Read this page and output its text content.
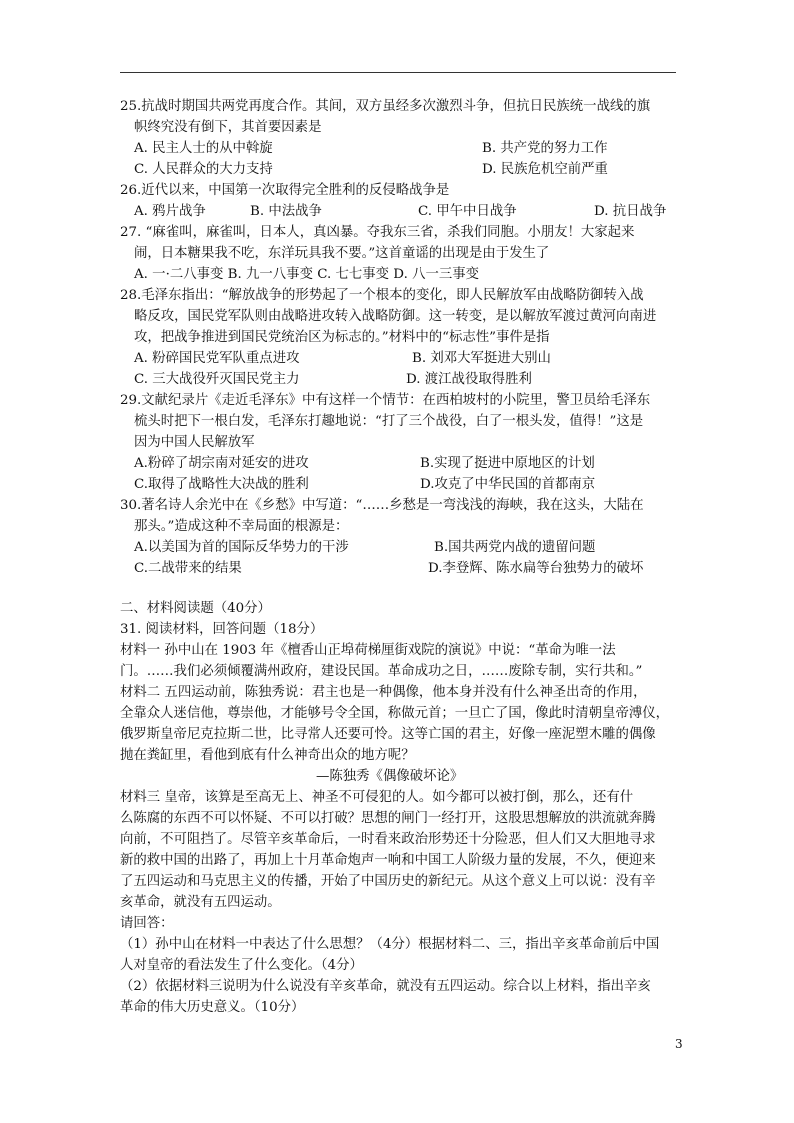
25.抗战时期国共两党再度合作。其间，双方虽经多次激烈斗争，但抗日民族统一战线的旗
帜终究没有倒下，其首要因素是
A. 民主人士的从中斡旋	B. 共产党的努力工作
C. 人民群众的大力支持	D. 民族危机空前严重
26.近代以来，中国第一次取得完全胜利的反侵略战争是
A. 鸦片战争	B. 中法战争	C. 甲午中日战争	D. 抗日战争
27. “麻雀叫，麻雀叫，日本人，真凶暴。夺我东三省，杀我们同胞。小朋友！大家起来
闹，日本糖果我不吃，东洋玩具我不要。”这首童谣的出现是由于发生了
A. 一·二八事变 B. 九一八事变 C. 七七事变 D. 八一三事变
28.毛泽东指出：“解放战争的形势起了一个根本的变化，即人民解放军由战略防御转入战
略反攻，国民党军队则由战略进攻转入战略防御。这一转变，是以解放军渡过黄河向南进
攻，把战争推进到国民党统治区为标志的。”材料中的“标志性”事件是指
A. 粉碎国民党军队重点进攻	B. 刘邓大军挺进大别山
C. 三大战役歼灭国民党主力	D. 渡江战役取得胜利
29.文献纪录片《走近毛泽东》中有这样一个情节：在西柏坡村的小院里，警卫员给毛泽东
梳头时把下一根白发，毛泽东打趣地说：“打了三个战役，白了一根头发，值得！”这是
因为中国人民解放军
A.粉碎了胡宗南对延安的进攻	B.实现了挺进中原地区的计划
C.取得了战略性大决战的胜利	D.攻克了中华民国的首都南京
30.著名诗人余光中在《乡愁》中写道：“……乡愁是一弯浅浅的海峡，我在这头，大陆在
那头。”造成这种不幸局面的根源是：
A.以美国为首的国际反华势力的干涉	B.国共两党内战的遗留问题
C.二战带来的结果	D.李登辉、陈水扁等台独势力的破坏
二、材料阅读题（40分）
31. 阅读材料，回答问题（18分）
材料一 孙中山在 1903 年《檀香山正埠荷梯厘街戏院的演说》中说：“革命为唯一法
门。……我们必须倾覆满州政府，建设民国。革命成功之日，……废除专制，实行共和。”
材料二 五四运动前，陈独秀说：君主也是一种偶像，他本身并没有什么神圣出奇的作用，
全靠众人迷信他，尊崇他，才能够号令全国，称做元首；一旦亡了国，像此时清朝皇帝溥仪，
俄罗斯皇帝尼克拉斯二世，比寻常人还要可怜。这等亡国的君主，好像一座泥塑木雕的偶像
抛在粪缸里，看他到底有什么神奇出众的地方呢？
—陈独秀《偶像破坏论》
材料三 皇帝，该算是至高无上、神圣不可侵犯的人。如今都可以被打倒，那么，还有什
么陈腐的东西不可以怀疑、不可以打破？思想的闸门一经打开，这股思想解放的洪流就奔腾
向前，不可阻挡了。尽管辛亥革命后，一时看来政治形势还十分险恶，但人们又大胆地寻求
新的救中国的出路了，再加上十月革命炮声一响和中国工人阶级力量的发展，不久，便迎来
了五四运动和马克思主义的传播，开始了中国历史的新纪元。从这个意义上可以说：没有辛
亥革命，就没有五四运动。
请回答：
（1）孙中山在材料一中表达了什么思想？（4分）根据材料二、三，指出辛亥革命前后中国
人对皇帝的看法发生了什么变化。（4分）
（2）依据材料三说明为什么说没有辛亥革命，就没有五四运动。综合以上材料，指出辛亥
革命的伟大历史意义。（10分）
3
